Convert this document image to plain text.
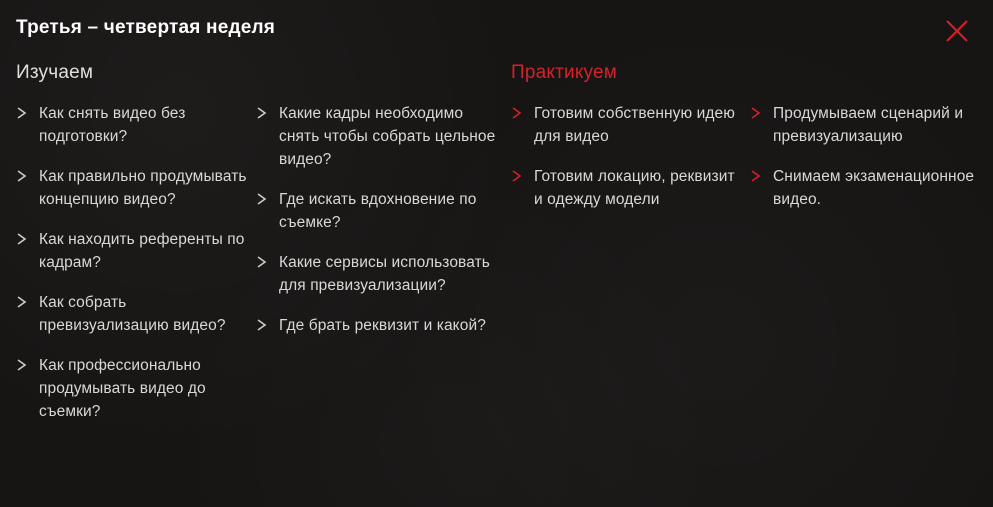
Третья – четвертая неделя
Изучаем
Как снять видео без подготовки?
Как правильно продумывать концепцию видео?
Как находить референты по кадрам?
Как собрать превизуализацию видео?
Как профессионально продумывать видео до съемки?
Какие кадры необходимо снять чтобы собрать цельное видео?
Где искать вдохновение по съемке?
Какие сервисы использовать для превизуализации?
Где брать реквизит и какой?
Практикуем
Готовим собственную идею для видео
Готовим локацию, реквизит и одежду модели
Продумываем сценарий и превизуализацию
Снимаем экзаменационное видео.
